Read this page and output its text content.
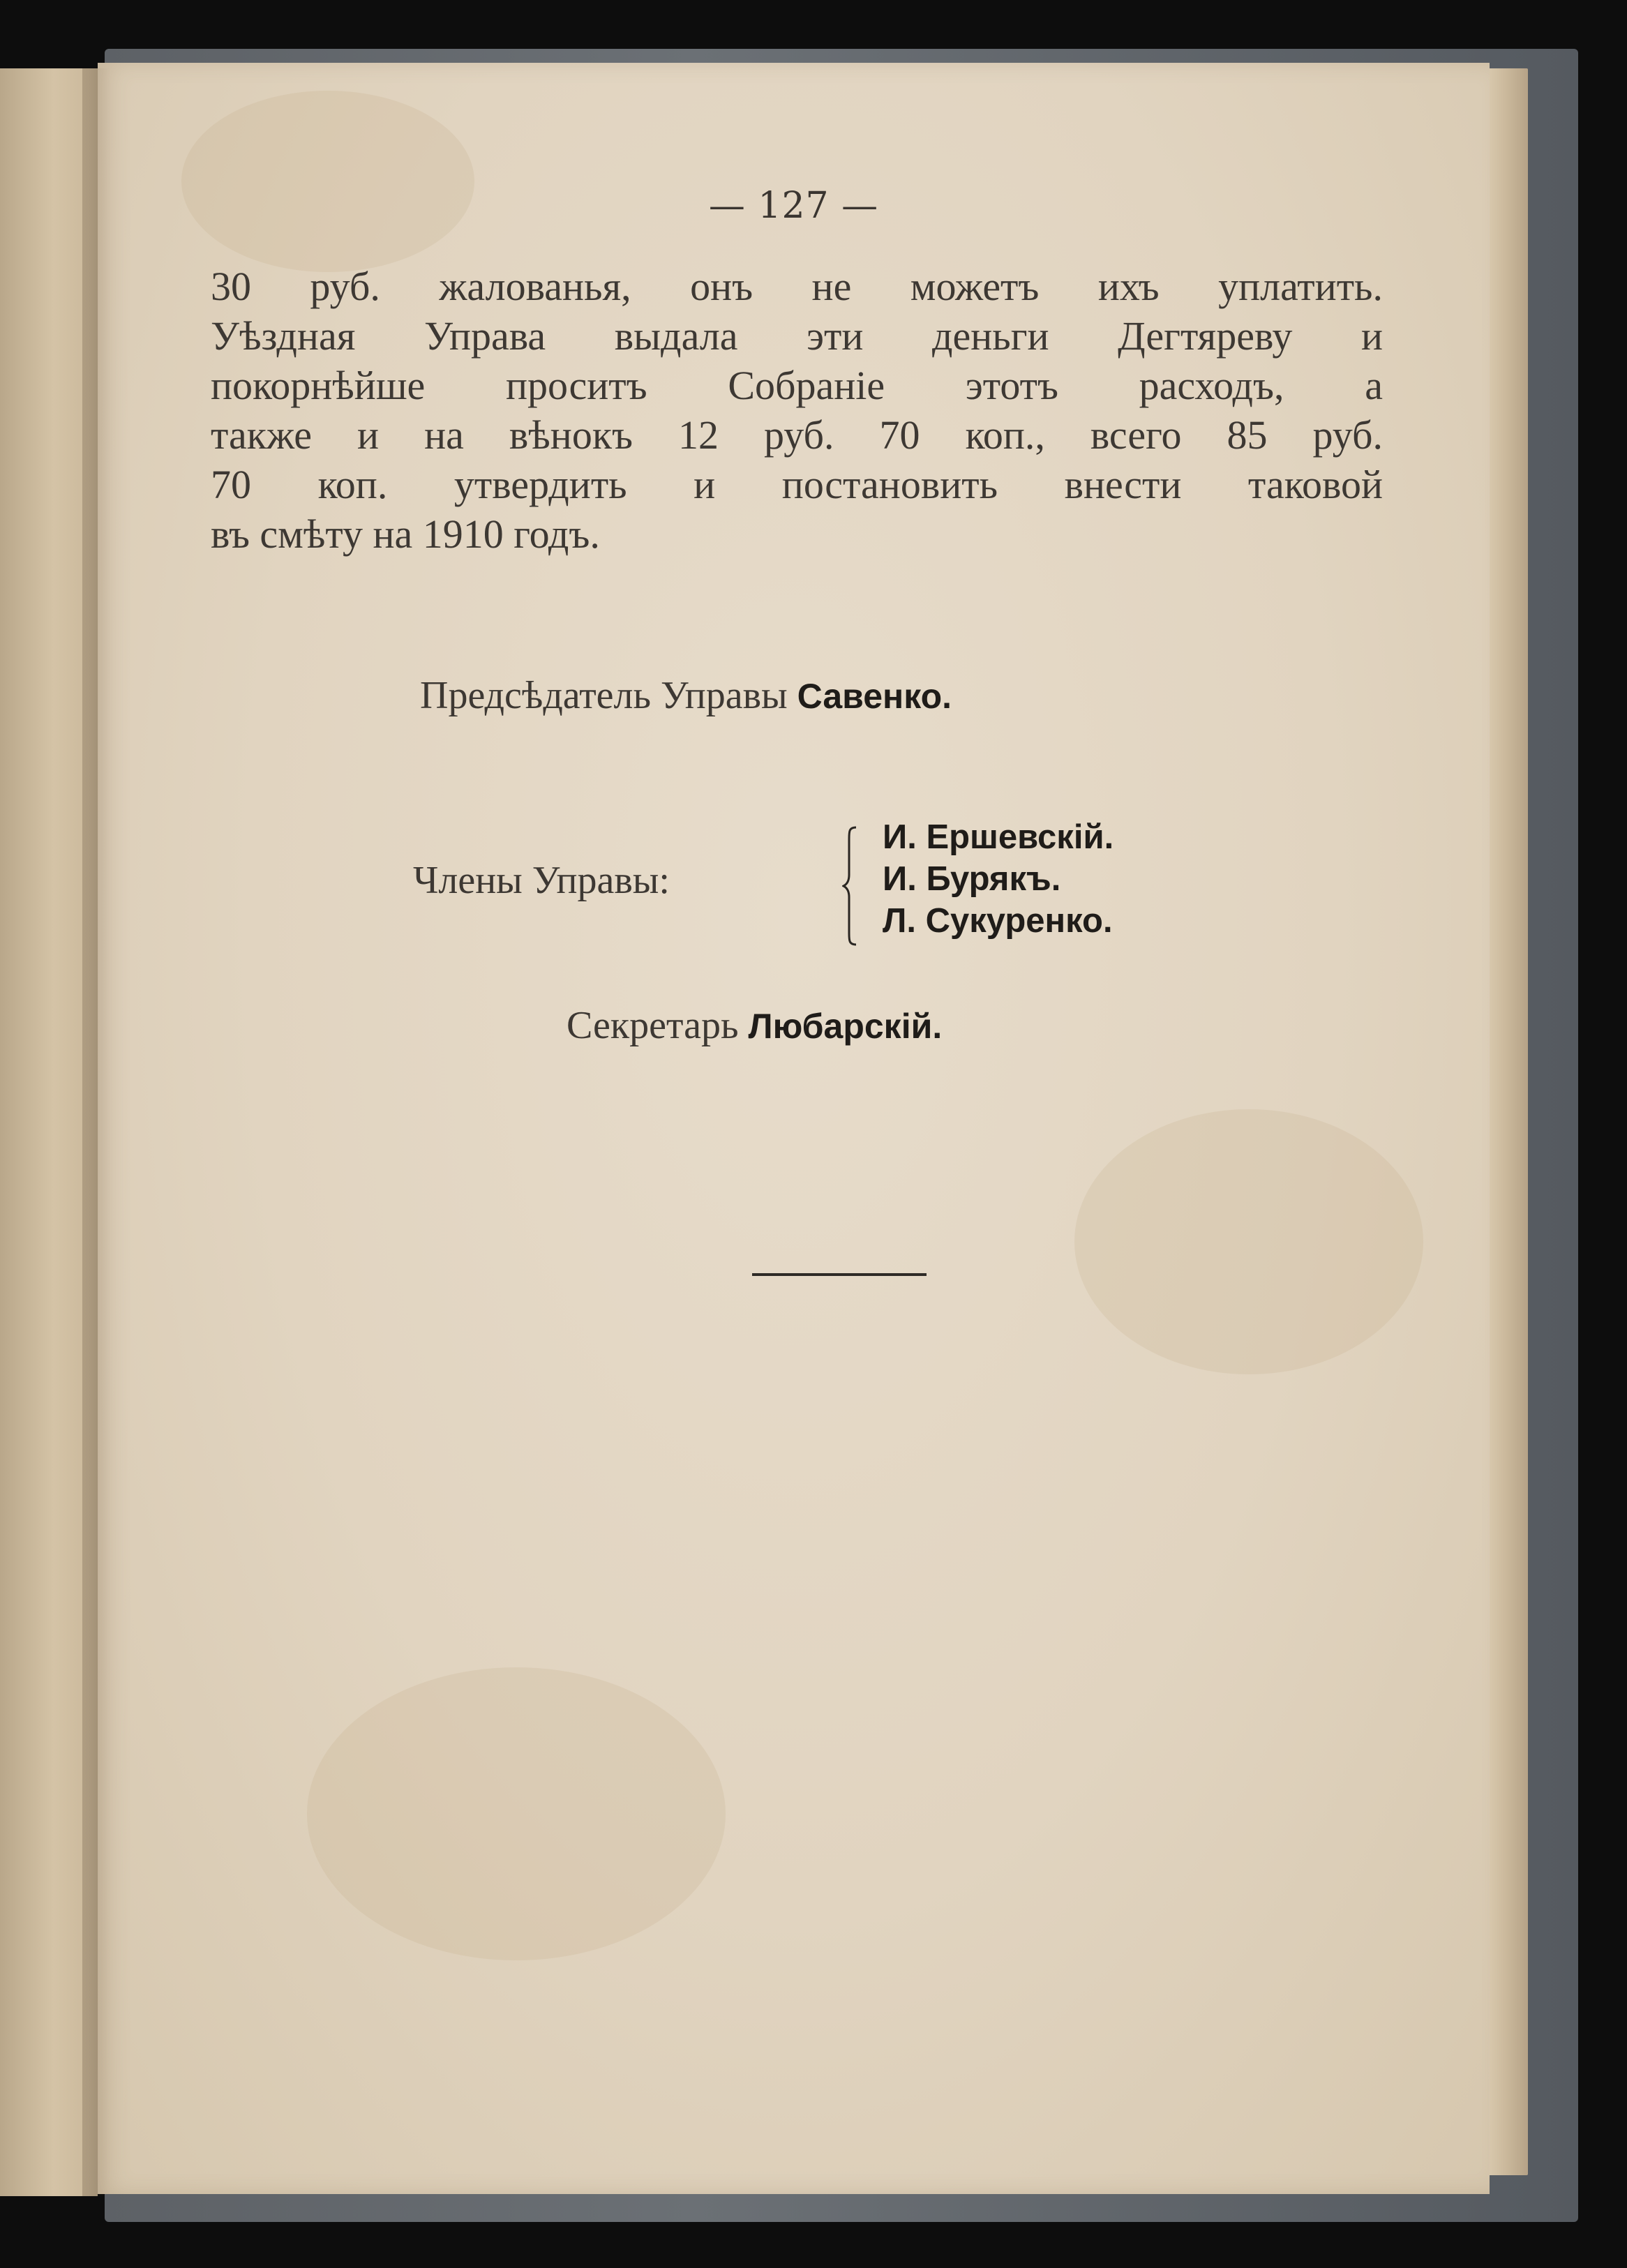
— 127 —
30 руб. жалованья, онъ не можетъ ихъ уплатить.
Уѣздная Управа выдала эти деньги Дегтяреву и
покорнѣйше проситъ Собраніе этотъ расходъ, а
также и на вѣнокъ 12 руб. 70 коп., всего 85 руб.
70 коп. утвердить и постановить внести таковой
въ смѣту на 1910 годъ.
Предсѣдатель Управы Савенко.
Члены Управы:
И. Ершевскій.
И. Бурякъ.
Л. Сукуренко.
Секретарь Любарскій.
